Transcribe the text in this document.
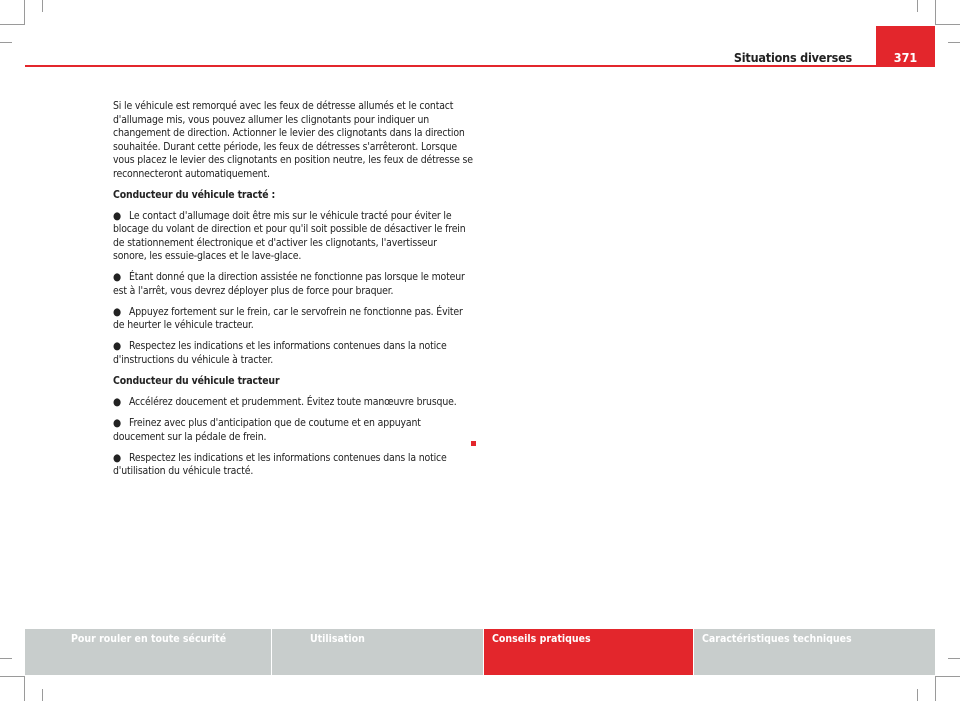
Situations diverses	371

Si le véhicule est remorqué avec les feux de détresse allumés et le contact d'allumage mis, vous pouvez allumer les clignotants pour indiquer un changement de direction. Actionner le levier des clignotants dans la direction souhaitée. Durant cette période, les feux de détresses s'arrêteront. Lorsque vous placez le levier des clignotants en position neutre, les feux de détresse se reconnecteront automatiquement.

Conducteur du véhicule tracté :

● Le contact d'allumage doit être mis sur le véhicule tracté pour éviter le blocage du volant de direction et pour qu'il soit possible de désactiver le frein de stationnement électronique et d'activer les clignotants, l'avertisseur sonore, les essuie-glaces et le lave-glace.

● Étant donné que la direction assistée ne fonctionne pas lorsque le moteur est à l'arrêt, vous devrez déployer plus de force pour braquer.

● Appuyez fortement sur le frein, car le servofrein ne fonctionne pas. Éviter de heurter le véhicule tracteur.

● Respectez les indications et les informations contenues dans la notice d'instructions du véhicule à tracter.

Conducteur du véhicule tracteur

● Accélérez doucement et prudemment. Évitez toute manœuvre brusque.

● Freinez avec plus d'anticipation que de coutume et en appuyant doucement sur la pédale de frein.

● Respectez les indications et les informations contenues dans la notice d'utilisation du véhicule tracté.

Pour rouler en toute sécurité	Utilisation	Conseils pratiques	Caractéristiques techniques
